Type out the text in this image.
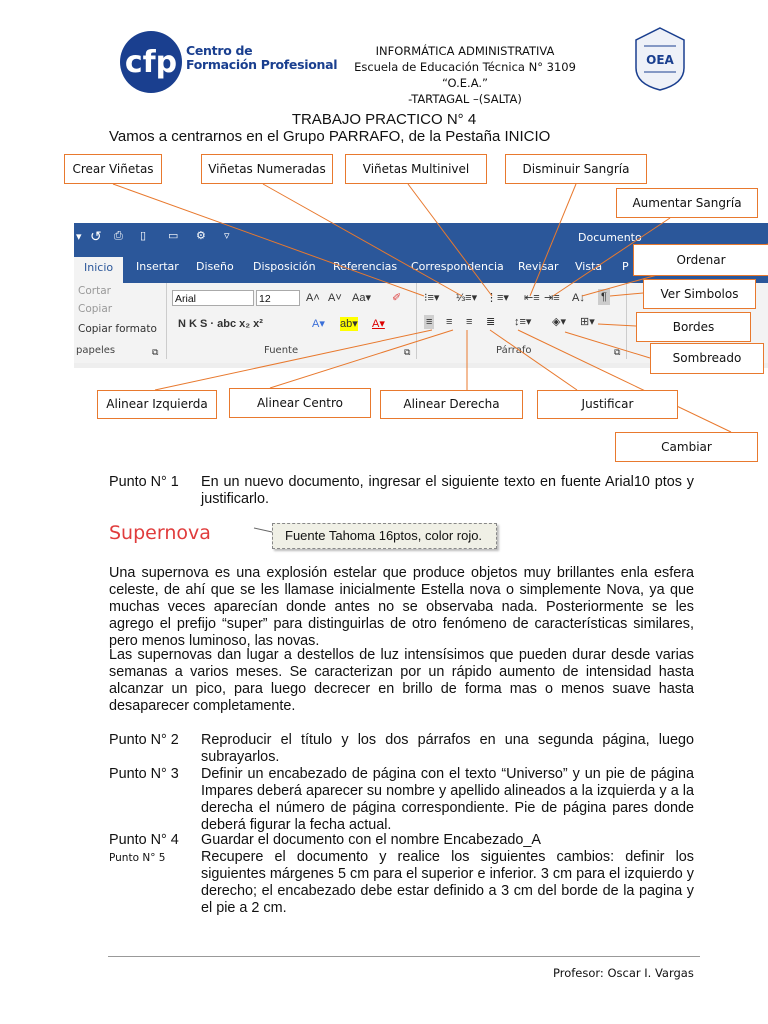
cfp Centro de
Formación Profesional
INFORMÁTICA ADMINISTRATIVA
Escuela de Educación Técnica N° 3109 “O.E.A.”
-TARTAGAL –(SALTA)
OEA
TRABAJO PRACTICO N° 4
Vamos a centrarnos en el Grupo PARRAFO, de la Pestaña INICIO
▾ ↺ ⎙ ▯ ▭ ⚙ ▿	Documento
Inicio	Insertar Diseño Disposición Referencias Correspondencia Revisar Vista P
Cortar
Copiar
Copiar formato
papeles	⧉
Arial	12	A˄ A˅ Aa▾ ✐
N K S · abc x₂ x²	A▾ ab▾ A▾
Fuente	⧉
⁝≡▾ ⅓≡▾ ⋮≡▾ ⇤≡ ⇥≡ A↓ ¶
≡ ≡ ≡ ≣ ↕≡▾ ◈▾ ⊞▾
Párrafo	⧉
Crear Viñetas	Viñetas Numeradas	Viñetas Multinivel	Disminuir Sangría
Aumentar Sangría
Ordenar
Ver Simbolos
Bordes
Sombreado
Alinear Izquierda	Alinear Centro	Alinear Derecha	Justificar
Cambiar
Punto N° 1 En un nuevo documento, ingresar el siguiente texto en fuente Arial10 ptos y justificarlo.
Supernova	Fuente Tahoma 16ptos, color rojo.
Una supernova es una explosión estelar que produce objetos muy brillantes enla esfera celeste, de ahí que se les llamase inicialmente Estella nova o simplemente Nova, ya que muchas veces aparecían donde antes no se observaba nada. Posteriormente se les agrego el prefijo “super” para distinguirlas de otro fenómeno de características similares, pero menos luminoso, las novas.
Las supernovas dan lugar a destellos de luz intensísimos que pueden durar desde varias semanas a varios meses. Se caracterizan por un rápido aumento de intensidad hasta alcanzar un pico, para luego decrecer en brillo de forma mas o menos suave hasta desaparecer completamente.
Punto N° 2 Reproducir el título y los dos párrafos en una segunda página, luego subrayarlos.
Punto N° 3 Definir un encabezado de página con el texto “Universo” y un pie de página Impares deberá aparecer su nombre y apellido alineados a la izquierda y a la derecha el número de página correspondiente. Pie de página pares donde deberá figurar la fecha actual.
Punto N° 4 Guardar el documento con el nombre Encabezado_A
Punto N° 5 Recupere el documento y realice los siguientes cambios: definir los siguientes márgenes 5 cm para el superior e inferior. 3 cm para el izquierdo y derecho; el encabezado debe estar definido a 3 cm del borde de la pagina y el pie a 2 cm.
Profesor: Oscar I. Vargas
